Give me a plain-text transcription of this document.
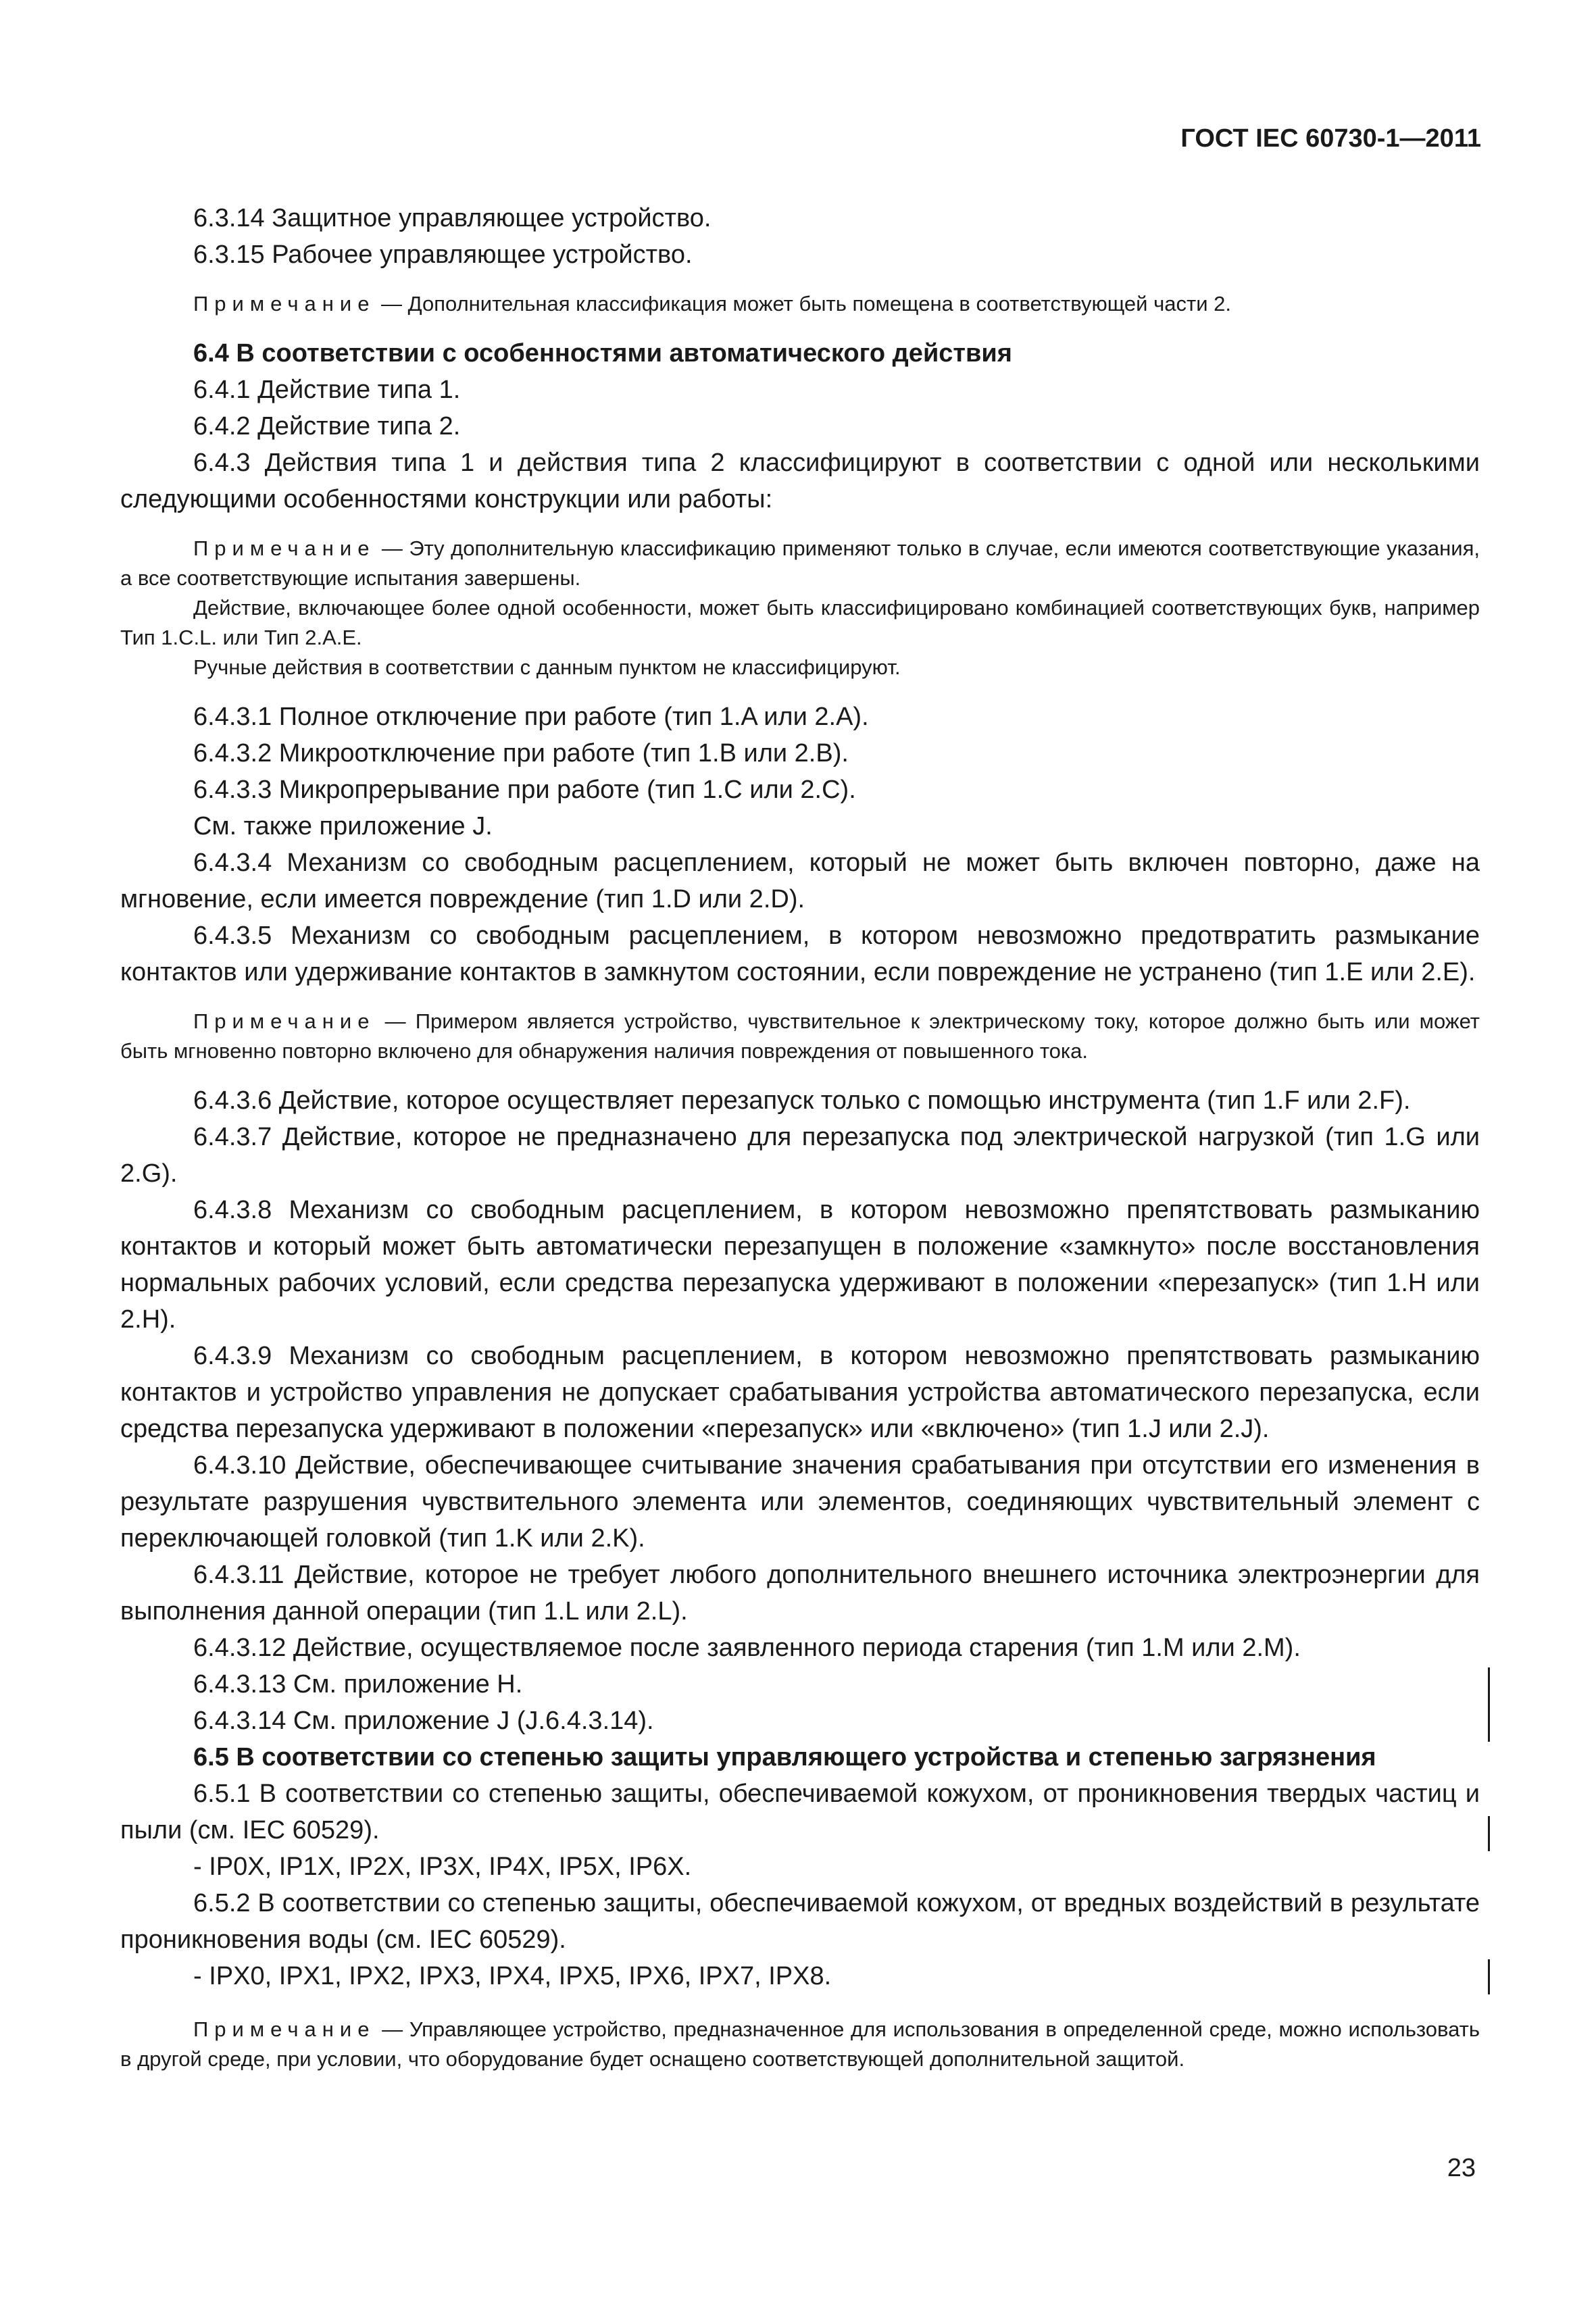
ГОСТ IEC 60730-1—2011

6.3.14 Защитное управляющее устройство.

6.3.15 Рабочее управляющее устройство.

Примечание — Дополнительная классификация может быть помещена в соответствующей части 2.

6.4 В соответствии с особенностями автоматического действия

6.4.1 Действие типа 1.

6.4.2 Действие типа 2.

6.4.3 Действия типа 1 и действия типа 2 классифицируют в соответствии с одной или несколькими следующими особенностями конструкции или работы:

Примечание — Эту дополнительную классификацию применяют только в случае, если имеются соответствующие указания, а все соответствующие испытания завершены.

Действие, включающее более одной особенности, может быть классифицировано комбинацией соответствующих букв, например Тип 1.C.L. или Тип 2.A.E.

Ручные действия в соответствии с данным пунктом не классифицируют.

6.4.3.1 Полное отключение при работе (тип 1.A или 2.A).

6.4.3.2 Микроотключение при работе (тип 1.B или 2.B).

6.4.3.3 Микропрерывание при работе (тип 1.C или 2.C).

См. также приложение J.

6.4.3.4 Механизм со свободным расцеплением, который не может быть включен повторно, даже на мгновение, если имеется повреждение (тип 1.D или 2.D).

6.4.3.5 Механизм со свободным расцеплением, в котором невозможно предотвратить размыкание контактов или удерживание контактов в замкнутом состоянии, если повреждение не устранено (тип 1.E или 2.E).

Примечание — Примером является устройство, чувствительное к электрическому току, которое должно быть или может быть мгновенно повторно включено для обнаружения наличия повреждения от повышенного тока.

6.4.3.6 Действие, которое осуществляет перезапуск только с помощью инструмента (тип 1.F или 2.F).

6.4.3.7 Действие, которое не предназначено для перезапуска под электрической нагрузкой (тип 1.G или 2.G).

6.4.3.8 Механизм со свободным расцеплением, в котором невозможно препятствовать размыканию контактов и который может быть автоматически перезапущен в положение «замкнуто» после восстановления нормальных рабочих условий, если средства перезапуска удерживают в положении «перезапуск» (тип 1.H или 2.H).

6.4.3.9 Механизм со свободным расцеплением, в котором невозможно препятствовать размыканию контактов и устройство управления не допускает срабатывания устройства автоматического перезапуска, если средства перезапуска удерживают в положении «перезапуск» или «включено» (тип 1.J или 2.J).

6.4.3.10 Действие, обеспечивающее считывание значения срабатывания при отсутствии его изменения в результате разрушения чувствительного элемента или элементов, соединяющих чувствительный элемент с переключающей головкой (тип 1.K или 2.K).

6.4.3.11 Действие, которое не требует любого дополнительного внешнего источника электроэнергии для выполнения данной операции (тип 1.L или 2.L).

6.4.3.12 Действие, осуществляемое после заявленного периода старения (тип 1.M или 2.M).

6.4.3.13 См. приложение H.

6.4.3.14 См. приложение J (J.6.4.3.14).

6.5 В соответствии со степенью защиты управляющего устройства и степенью загрязнения

6.5.1 В соответствии со степенью защиты, обеспечиваемой кожухом, от проникновения твердых частиц и пыли (см. IEC 60529).

- IP0X, IP1X, IP2X, IP3X, IP4X, IP5X, IP6X.

6.5.2 В соответствии со степенью защиты, обеспечиваемой кожухом, от вредных воздействий в результате проникновения воды (см. IEC 60529).

- IPX0, IPX1, IPX2, IPX3, IPX4, IPX5, IPX6, IPX7, IPX8.

Примечание — Управляющее устройство, предназначенное для использования в определенной среде, можно использовать в другой среде, при условии, что оборудование будет оснащено соответствующей дополнительной защитой.

23
